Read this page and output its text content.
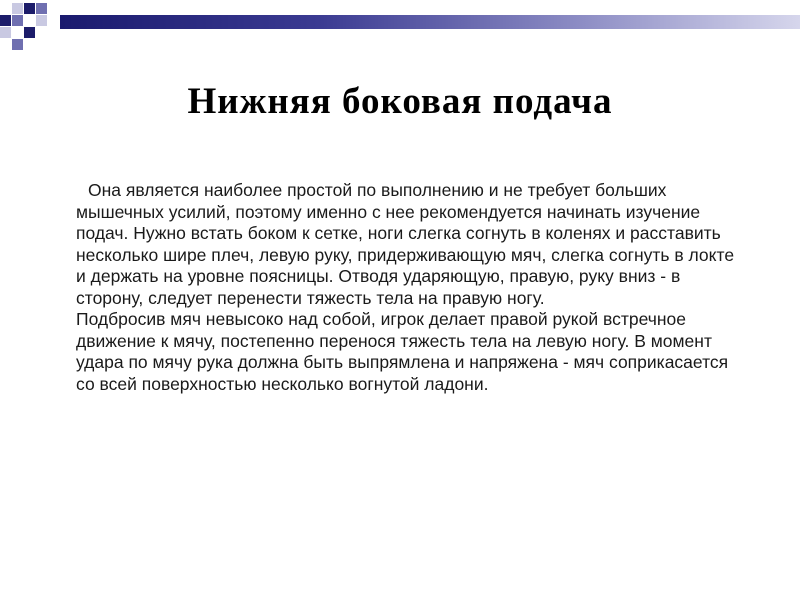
Нижняя боковая подача

Она является наиболее простой по выполнению и не требует больших мышечных усилий, поэтому именно с нее рекомендуется начинать изучение подач. Нужно встать боком к сетке, ноги слегка согнуть в коленях и расставить несколько шире плеч, левую руку, придерживающую мяч, слегка согнуть в локте и держать на уровне поясницы. Отводя ударяющую, правую, руку вниз - в сторону, следует перенести тяжесть тела на правую ногу.

Подбросив мяч невысоко над собой, игрок делает правой рукой встречное движение к мячу, постепенно перенося тяжесть тела на левую ногу. В момент удара по мячу рука должна быть выпрямлена и напряжена - мяч соприкасается со всей поверхностью несколько вогнутой ладони.
